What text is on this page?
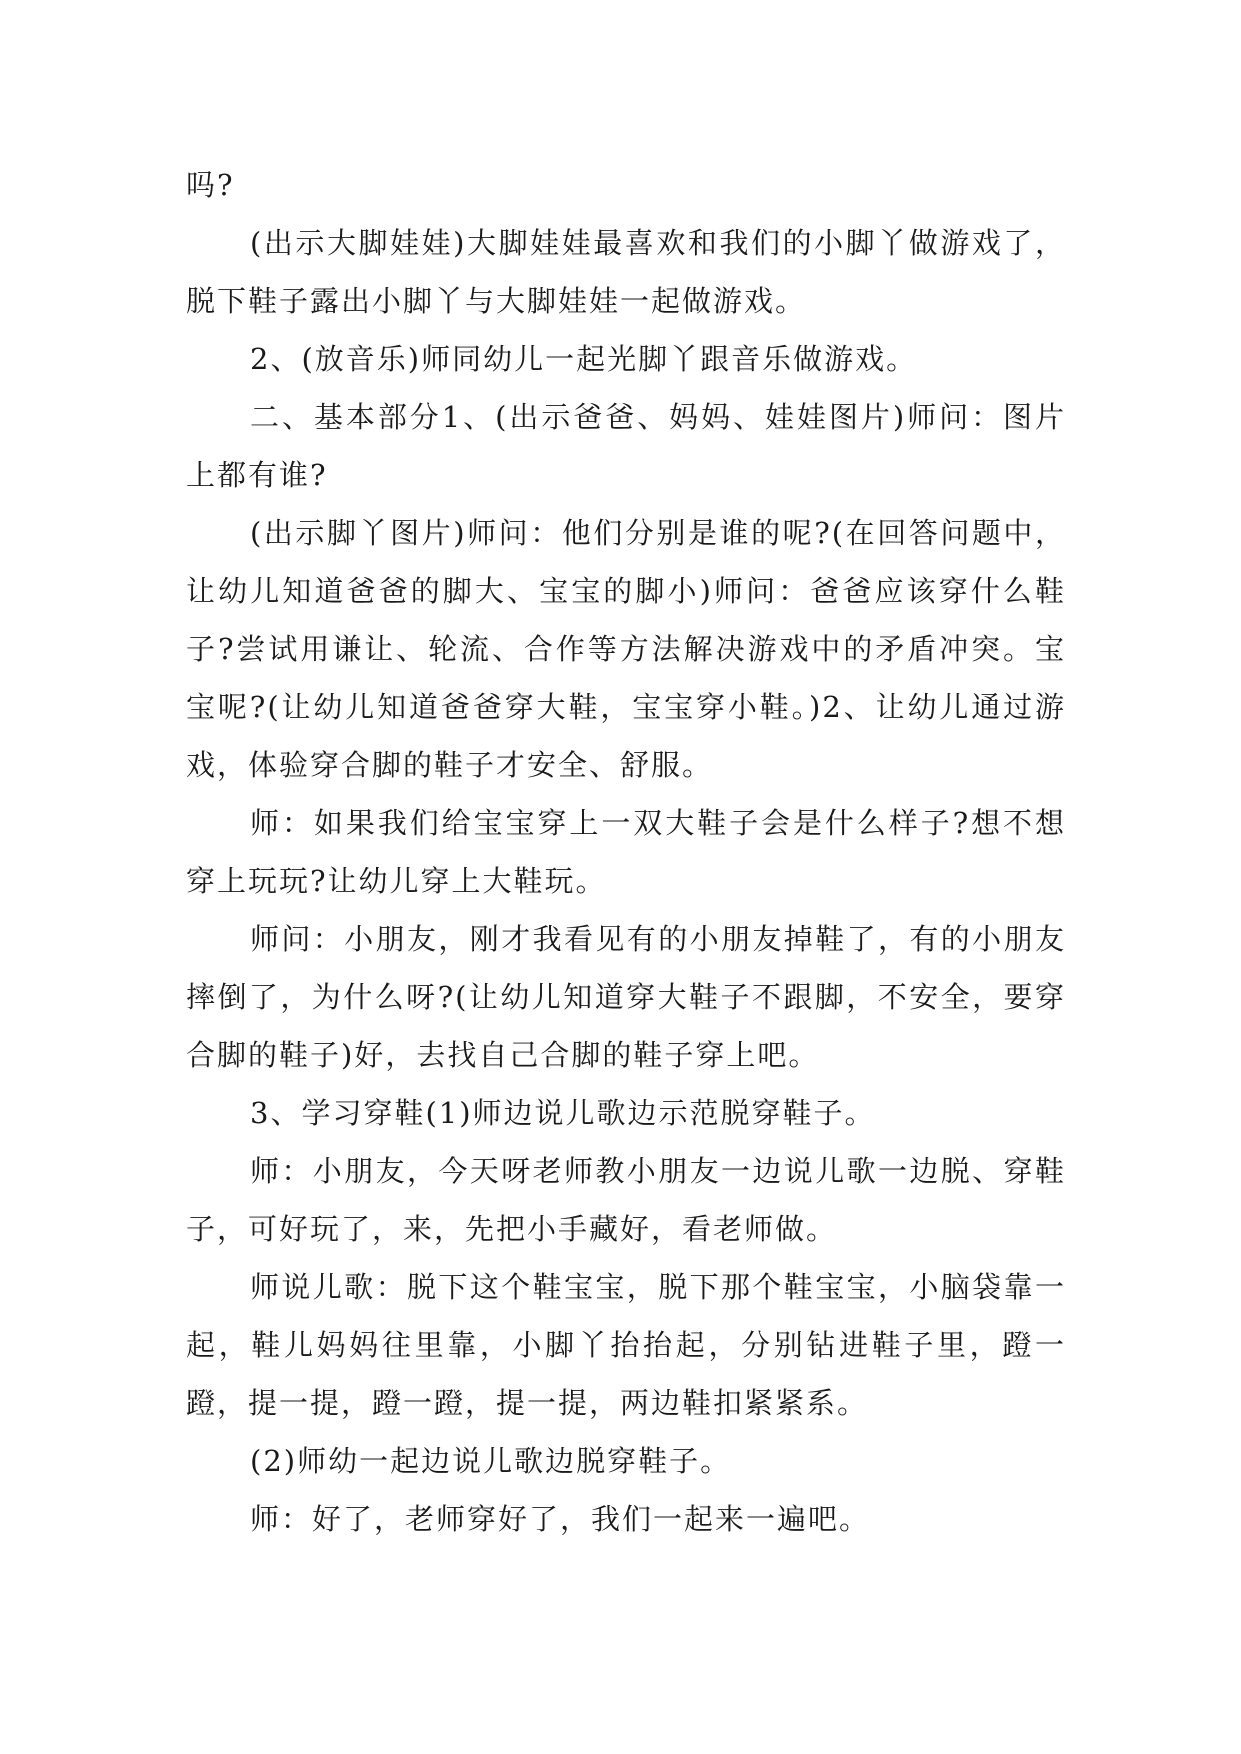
吗?

(出示大脚娃娃)大脚娃娃最喜欢和我们的小脚丫做游戏了，脱下鞋子露出小脚丫与大脚娃娃一起做游戏。

2、(放音乐)师同幼儿一起光脚丫跟音乐做游戏。

二、基本部分1、(出示爸爸、妈妈、娃娃图片)师问：图片上都有谁?

(出示脚丫图片)师问：他们分别是谁的呢?(在回答问题中，让幼儿知道爸爸的脚大、宝宝的脚小)师问：爸爸应该穿什么鞋子?尝试用谦让、轮流、合作等方法解决游戏中的矛盾冲突。宝宝呢?(让幼儿知道爸爸穿大鞋，宝宝穿小鞋。)2、让幼儿通过游戏，体验穿合脚的鞋子才安全、舒服。

师：如果我们给宝宝穿上一双大鞋子会是什么样子?想不想穿上玩玩?让幼儿穿上大鞋玩。

师问：小朋友，刚才我看见有的小朋友掉鞋了，有的小朋友摔倒了，为什么呀?(让幼儿知道穿大鞋子不跟脚，不安全，要穿合脚的鞋子)好，去找自己合脚的鞋子穿上吧。

3、学习穿鞋(1)师边说儿歌边示范脱穿鞋子。

师：小朋友，今天呀老师教小朋友一边说儿歌一边脱、穿鞋子，可好玩了，来，先把小手藏好，看老师做。

师说儿歌：脱下这个鞋宝宝，脱下那个鞋宝宝，小脑袋靠一起，鞋儿妈妈往里靠，小脚丫抬抬起，分别钻进鞋子里，蹬一蹬，提一提，蹬一蹬，提一提，两边鞋扣紧紧系。

(2)师幼一起边说儿歌边脱穿鞋子。

师：好了，老师穿好了，我们一起来一遍吧。
